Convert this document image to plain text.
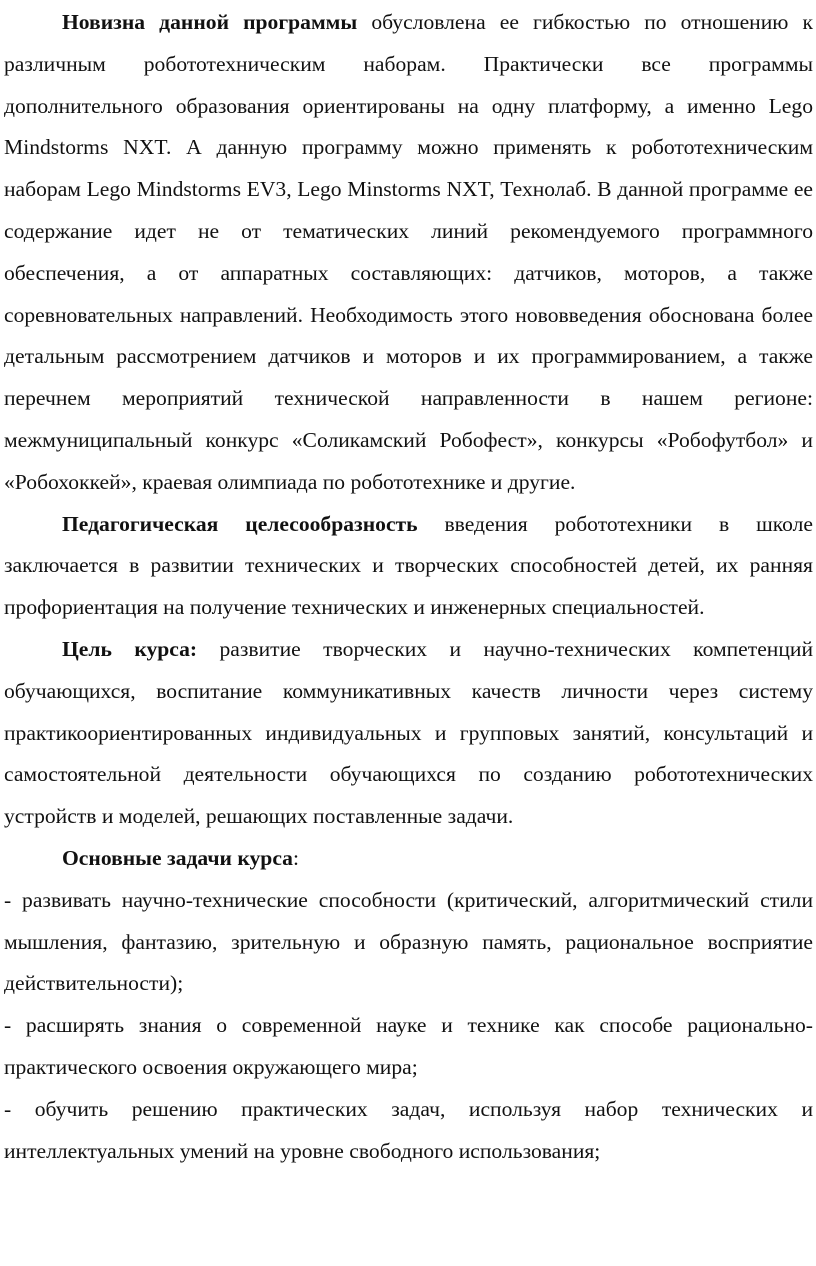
Новизна данной программы обусловлена ее гибкостью по отношению к различным робототехническим наборам. Практически все программы дополнительного образования ориентированы на одну платформу, а именно Lego Mindstorms NXT. А данную программу можно применять к робототехническим наборам Lego Mindstorms EV3, Lego Minstorms NXT, Технолаб. В данной программе ее содержание идет не от тематических линий рекомендуемого программного обеспечения, а от аппаратных составляющих: датчиков, моторов, а также соревновательных направлений. Необходимость этого нововведения обоснована более детальным рассмотрением датчиков и моторов и их программированием, а также перечнем мероприятий технической направленности в нашем регионе: межмуниципальный конкурс «Соликамский Робофест», конкурсы «Робофутбол» и «Робохоккей», краевая олимпиада по робототехнике и другие.

Педагогическая целесообразность введения робототехники в школе заключается в развитии технических и творческих способностей детей, их ранняя профориентация на получение технических и инженерных специальностей.

Цель курса: развитие творческих и научно-технических компетенций обучающихся, воспитание коммуникативных качеств личности через систему практикоориентированных индивидуальных и групповых занятий, консультаций и самостоятельной деятельности обучающихся по созданию робототехнических устройств и моделей, решающих поставленные задачи.

Основные задачи курса:

- развивать научно-технические способности (критический, алгоритмический стили мышления, фантазию, зрительную и образную память, рациональное восприятие действительности);

- расширять знания о современной науке и технике как способе рационально-практического освоения окружающего мира;

- обучить решению практических задач, используя набор технических и интеллектуальных умений на уровне свободного использования;
